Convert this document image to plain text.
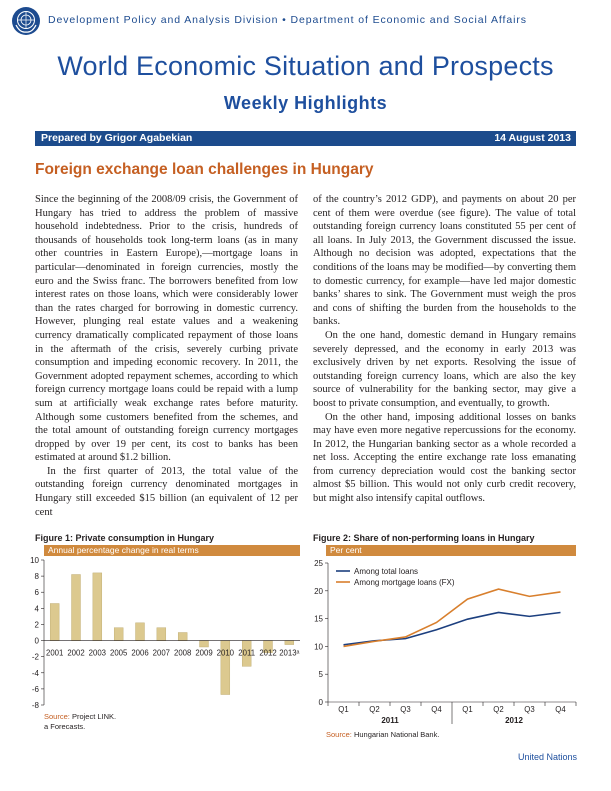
Development Policy and Analysis Division • Department of Economic and Social Affairs
World Economic Situation and Prospects
Weekly Highlights
Prepared by Grigor Agabekian	14 August 2013
Foreign exchange loan challenges in Hungary

Since the beginning of the 2008/09 crisis, the Government of Hungary has tried to address the problem of massive household indebtedness. Prior to the crisis, hundreds of thousands of households took long-term loans (as in many other countries in Eastern Europe),—mortgage loans in particular—denominated in foreign currencies, mostly the euro and the Swiss franc. The borrowers benefited from low interest rates on those loans, which were considerably lower than the rates charged for borrowing in domestic currency. However, plunging real estate values and a weakening currency dramatically complicated repayment of those loans in the aftermath of the crisis, severely curbing private consumption and impeding economic recovery. In 2011, the Government adopted repayment schemes, according to which foreign currency mortgage loans could be repaid with a lump sum at artificially weak exchange rates before maturity. Although some customers benefited from the schemes, and the total amount of outstanding foreign currency mortgages dropped by over 19 per cent, its cost to banks has been estimated at around $1.2 billion.

In the first quarter of 2013, the total value of the outstanding foreign currency denominated mortgages in Hungary still exceeded $15 billion (an equivalent of 12 per cent

of the country’s 2012 GDP), and payments on about 20 per cent of them were overdue (see figure). The value of total outstanding foreign currency loans constituted 55 per cent of all loans. In July 2013, the Government discussed the issue. Although no decision was adopted, expectations that the conditions of the loans may be modified—by converting them to domestic currency, for example—have led major domestic banks’ shares to sink. The Government must weigh the pros and cons of shifting the burden from the households to the banks.

On the one hand, domestic demand in Hungary remains severely depressed, and the economy in early 2013 was exclusively driven by net exports. Resolving the issue of outstanding foreign currency loans, which are also the key source of vulnerability for the banking sector, may give a boost to private consumption, and eventually, to growth.

On the other hand, imposing additional losses on banks may have even more negative repercussions for the economy. In 2012, the Hungarian banking sector as a whole recorded a net loss. Accepting the entire exchange rate loss emanating from currency depreciation would cost the banking sector almost $5 billion. This would not only curb credit recovery, but might also intensify capital outflows.

Figure 1: Private consumption in Hungary
Annual percentage change in real terms
-8
-6
-4
-2
0
2
4
6
8
10
2001 2002 2003 2005 2006 2007 2008 2009 2010 2011 2012 2013ᵃ
Source: Project LINK.
a Forecasts.
Figure 2: Share of non-performing loans in Hungary
Per cent
Source: Hungarian National Bank.
United Nations
0
5
10
15
20
25
Q1	Q2	Q3	Q4	Q1	Q2	Q3	Q4
2011	2012
Among total loans
Among mortgage loans (FX)
